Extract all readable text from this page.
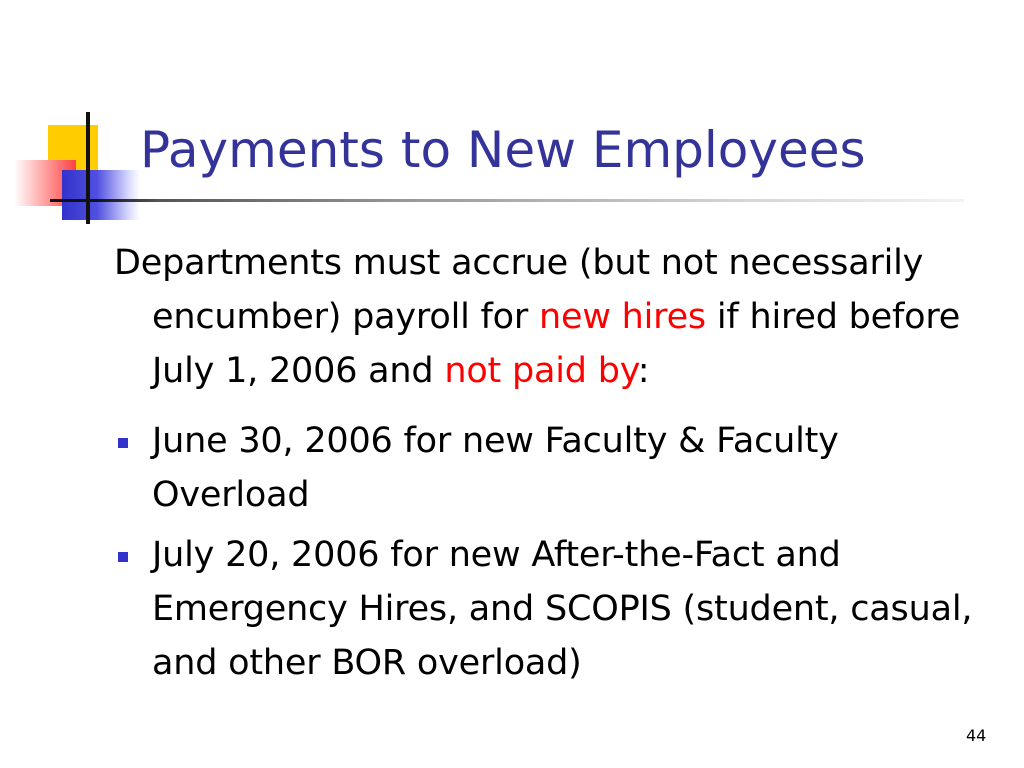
Payments to New Employees

Departments must accrue (but not necessarily encumber) payroll for new hires if hired before July 1, 2006 and not paid by:

June 30, 2006 for new Faculty & Faculty Overload
July 20, 2006 for new After-the-Fact and Emergency Hires, and SCOPIS (student, casual, and other BOR overload)
44
